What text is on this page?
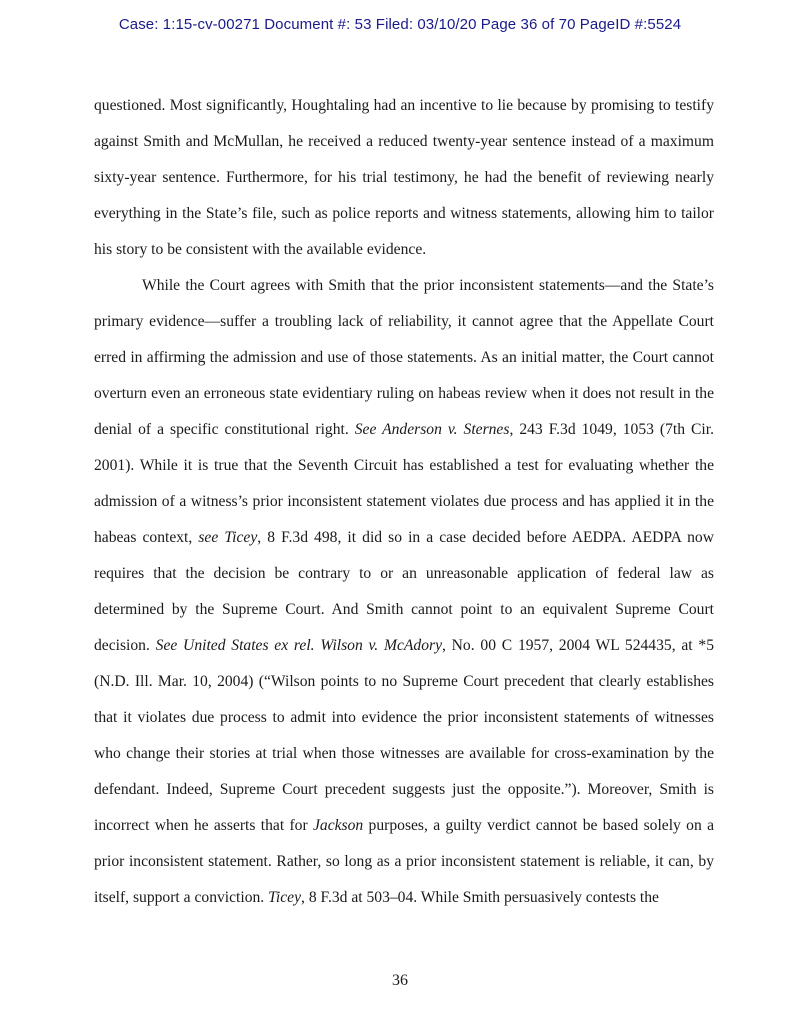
Case: 1:15-cv-00271 Document #: 53 Filed: 03/10/20 Page 36 of 70 PageID #:5524

questioned. Most significantly, Houghtaling had an incentive to lie because by promising to testify against Smith and McMullan, he received a reduced twenty-year sentence instead of a maximum sixty-year sentence. Furthermore, for his trial testimony, he had the benefit of reviewing nearly everything in the State’s file, such as police reports and witness statements, allowing him to tailor his story to be consistent with the available evidence.

While the Court agrees with Smith that the prior inconsistent statements—and the State’s primary evidence—suffer a troubling lack of reliability, it cannot agree that the Appellate Court erred in affirming the admission and use of those statements. As an initial matter, the Court cannot overturn even an erroneous state evidentiary ruling on habeas review when it does not result in the denial of a specific constitutional right. See Anderson v. Sternes, 243 F.3d 1049, 1053 (7th Cir. 2001). While it is true that the Seventh Circuit has established a test for evaluating whether the admission of a witness’s prior inconsistent statement violates due process and has applied it in the habeas context, see Ticey, 8 F.3d 498, it did so in a case decided before AEDPA. AEDPA now requires that the decision be contrary to or an unreasonable application of federal law as determined by the Supreme Court. And Smith cannot point to an equivalent Supreme Court decision. See United States ex rel. Wilson v. McAdory, No. 00 C 1957, 2004 WL 524435, at *5 (N.D. Ill. Mar. 10, 2004) (“Wilson points to no Supreme Court precedent that clearly establishes that it violates due process to admit into evidence the prior inconsistent statements of witnesses who change their stories at trial when those witnesses are available for cross-examination by the defendant. Indeed, Supreme Court precedent suggests just the opposite.”). Moreover, Smith is incorrect when he asserts that for Jackson purposes, a guilty verdict cannot be based solely on a prior inconsistent statement. Rather, so long as a prior inconsistent statement is reliable, it can, by itself, support a conviction. Ticey, 8 F.3d at 503–04. While Smith persuasively contests the

36
